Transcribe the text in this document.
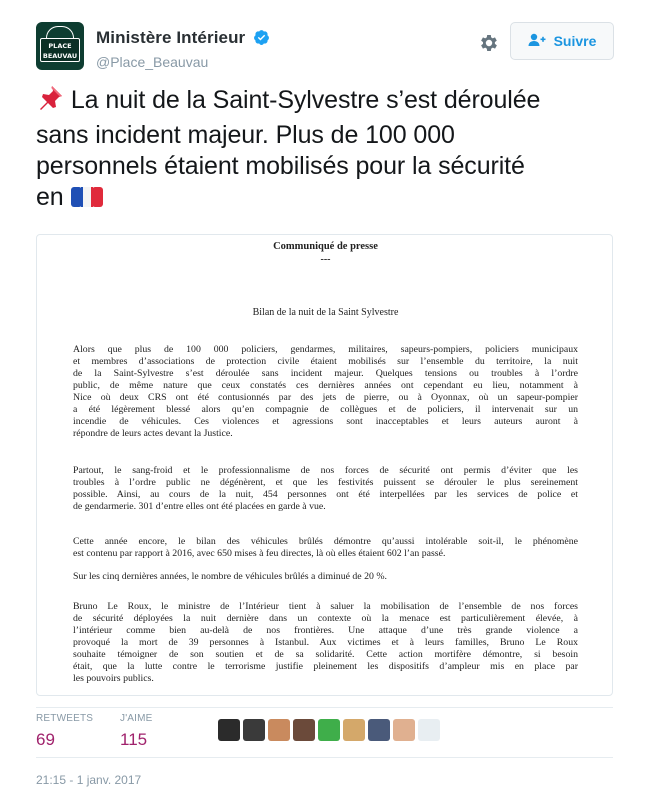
PLACE
BEAUVAU
Ministère Intérieur
@Place_Beauvau
Suivre
La nuit de la Saint-Sylvestre s’est déroulée
sans incident majeur. Plus de 100 000
personnels étaient mobilisés pour la sécurité
en
Communiqué de presse
---
Bilan de la nuit de la Saint Sylvestre
Alors que plus de 100 000 policiers, gendarmes, militaires, sapeurs-pompiers, policiers municipaux
et membres d’associations de protection civile étaient mobilisés sur l’ensemble du territoire, la nuit
de la Saint-Sylvestre s’est déroulée sans incident majeur. Quelques tensions ou troubles à l’ordre
public, de même nature que ceux constatés ces dernières années ont cependant eu lieu, notamment à
Nice où deux CRS ont été contusionnés par des jets de pierre, ou à Oyonnax, où un sapeur-pompier
a été légèrement blessé alors qu’en compagnie de collègues et de policiers, il intervenait sur un
incendie de véhicules. Ces violences et agressions sont inacceptables et leurs auteurs auront à
répondre de leurs actes devant la Justice.
Partout, le sang-froid et le professionnalisme de nos forces de sécurité ont permis d’éviter que les
troubles à l’ordre public ne dégénèrent, et que les festivités puissent se dérouler le plus sereinement
possible. Ainsi, au cours de la nuit, 454 personnes ont été interpellées par les services de police et
de gendarmerie. 301 d’entre elles ont été placées en garde à vue.
Cette année encore, le bilan des véhicules brûlés démontre qu’aussi intolérable soit-il, le phénomène
est contenu par rapport à 2016, avec 650 mises à feu directes, là où elles étaient 602 l’an passé.
Sur les cinq dernières années, le nombre de véhicules brûlés a diminué de 20 %.
Bruno Le Roux, le ministre de l’Intérieur tient à saluer la mobilisation de l’ensemble de nos forces
de sécurité déployées la nuit dernière dans un contexte où la menace est particulièrement élevée, à
l’intérieur comme bien au-delà de nos frontières. Une attaque d’une très grande violence a
provoqué la mort de 39 personnes à Istanbul. Aux victimes et à leurs familles, Bruno Le Roux
souhaite témoigner de son soutien et de sa solidarité. Cette action mortifère démontre, si besoin
était, que la lutte contre le terrorisme justifie pleinement les dispositifs d’ampleur mis en place par
les pouvoirs publics.
RETWEETS
69
J'AIME
115
21:15 - 1 janv. 2017
